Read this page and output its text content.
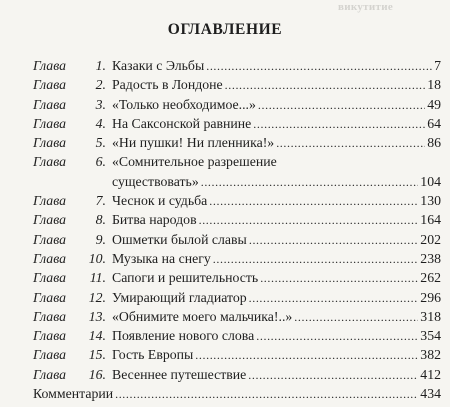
викутитие
ОГЛАВЛЕНИЕ
Глава	1. Казаки с Эльбы . . .	7
Глава	2. Радость в Лондоне . . .	18
Глава	3. «Только необходимое...» . . .	49
Глава	4. На Саксонской равнине . . .	64
Глава	5. «Ни пушки! Ни пленника!» . . .	86
Глава	6. «Сомнительное разрешение
существовать» . . .	104
Глава	7. Чеснок и судьба . . .	130
Глава	8. Битва народов . . .	164
Глава	9. Ошметки былой славы . . .	202
Глава	10. Музыка на снегу . . .	238
Глава	11. Сапоги и решительность . . .	262
Глава	12. Умирающий гладиатор . . .	296
Глава	13. «Обнимите моего мальчика!..» . . .	318
Глава	14. Появление нового слова . . .	354
Глава	15. Гость Европы . . .	382
Глава	16. Весеннее путешествие . . .	412
Комментарии . . .	434
